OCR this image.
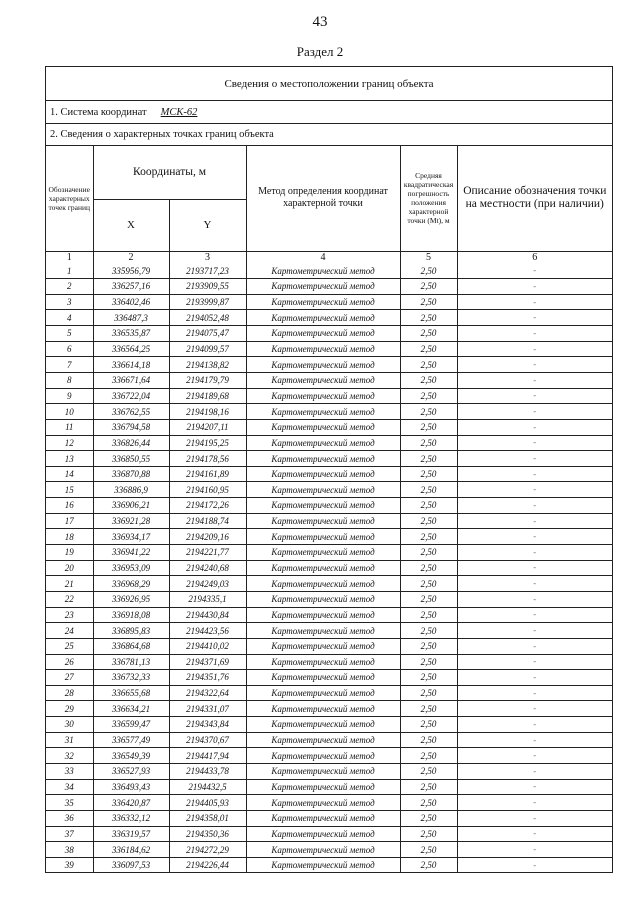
43
Раздел 2
Сведения о местоположении границ объекта
1. Система координат МСК-62
2. Сведения о характерных точках границ объекта
Обозначение характерных точек границ	Координаты, м		Метод определения координат характерной точки	Средняя квадратическая погрешность положения характерной точки (Mt), м	Описание обозначения точки на местности (при наличии)
	X	Y			
1	2	3	4	5	6
1	335956,79	2193717,23	Картометрический метод	2,50	-
2	336257,16	2193909,55	Картометрический метод	2,50	-
3	336402,46	2193999,87	Картометрический метод	2,50	-
4	336487,3	2194052,48	Картометрический метод	2,50	-
5	336535,87	2194075,47	Картометрический метод	2,50	-
6	336564,25	2194099,57	Картометрический метод	2,50	-
7	336614,18	2194138,82	Картометрический метод	2,50	-
8	336671,64	2194179,79	Картометрический метод	2,50	-
9	336722,04	2194189,68	Картометрический метод	2,50	-
10	336762,55	2194198,16	Картометрический метод	2,50	-
11	336794,58	2194207,11	Картометрический метод	2,50	-
12	336826,44	2194195,25	Картометрический метод	2,50	-
13	336850,55	2194178,56	Картометрический метод	2,50	-
14	336870,88	2194161,89	Картометрический метод	2,50	-
15	336886,9	2194160,95	Картометрический метод	2,50	-
16	336906,21	2194172,26	Картометрический метод	2,50	-
17	336921,28	2194188,74	Картометрический метод	2,50	-
18	336934,17	2194209,16	Картометрический метод	2,50	-
19	336941,22	2194221,77	Картометрический метод	2,50	-
20	336953,09	2194240,68	Картометрический метод	2,50	-
21	336968,29	2194249,03	Картометрический метод	2,50	-
22	336926,95	2194335,1	Картометрический метод	2,50	-
23	336918,08	2194430,84	Картометрический метод	2,50	-
24	336895,83	2194423,56	Картометрический метод	2,50	-
25	336864,68	2194410,02	Картометрический метод	2,50	-
26	336781,13	2194371,69	Картометрический метод	2,50	-
27	336732,33	2194351,76	Картометрический метод	2,50	-
28	336655,68	2194322,64	Картометрический метод	2,50	-
29	336634,21	2194331,07	Картометрический метод	2,50	-
30	336599,47	2194343,84	Картометрический метод	2,50	-
31	336577,49	2194370,67	Картометрический метод	2,50	-
32	336549,39	2194417,94	Картометрический метод	2,50	-
33	336527,93	2194433,78	Картометрический метод	2,50	-
34	336493,43	2194432,5	Картометрический метод	2,50	-
35	336420,87	2194405,93	Картометрический метод	2,50	-
36	336332,12	2194358,01	Картометрический метод	2,50	-
37	336319,57	2194350,36	Картометрический метод	2,50	-
38	336184,62	2194272,29	Картометрический метод	2,50	-
39	336097,53	2194226,44	Картометрический метод	2,50	-
